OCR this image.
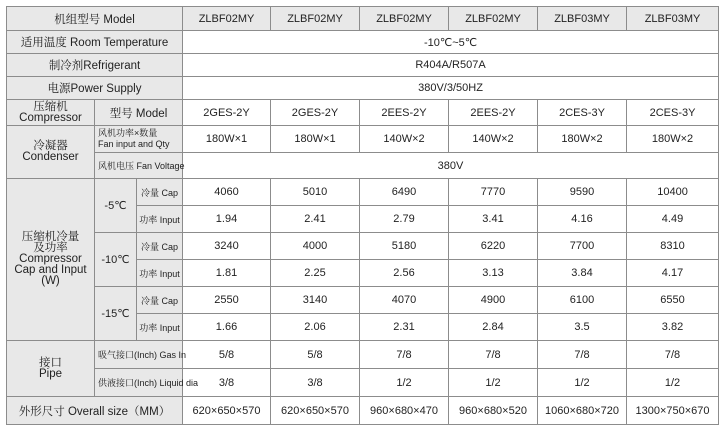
机组型号 Model			ZLBF02MY	ZLBF02MY	ZLBF02MY	ZLBF02MY	ZLBF03MY	ZLBF03MY
适用温度 Room Temperature			-10℃~5℃					
制冷剂Refrigerant			R404A/R507A					
电源Power Supply			380V/3/50HZ					

压缩机
Compressor	型号 Model		2GES-2Y	2GES-2Y	2EES-2Y	2EES-2Y	2CES-3Y	2CES-3Y

冷凝器
Condenser	风机功率×数量
Fan input and Qty		180W×1	180W×1	140W×2	140W×2	180W×2	180W×2
	风机电压 Fan Voltage		380V					

压缩机冷量
及功率
Compressor
Cap and Input
(W)	-5℃	冷量 Cap	4060	5010	6490	7770	9590	10400
		功率 Input	1.94	2.41	2.79	3.41	4.16	4.49
	-10℃	冷量 Cap	3240	4000	5180	6220	7700	8310
		功率 Input	1.81	2.25	2.56	3.13	3.84	4.17
	-15℃	冷量 Cap	2550	3140	4070	4900	6100	6550
		功率 Input	1.66	2.06	2.31	2.84	3.5	3.82

接口
Pipe	吸气接口(Inch) Gas In		5/8	5/8	7/8	7/8	7/8	7/8
	供液接口(Inch) Liquid dia		3/8	3/8	1/2	1/2	1/2	1/2
外形尺寸 Overall size（MM）			620×650×570	620×650×570	960×680×470	960×680×520	1060×680×720	1300×750×670
